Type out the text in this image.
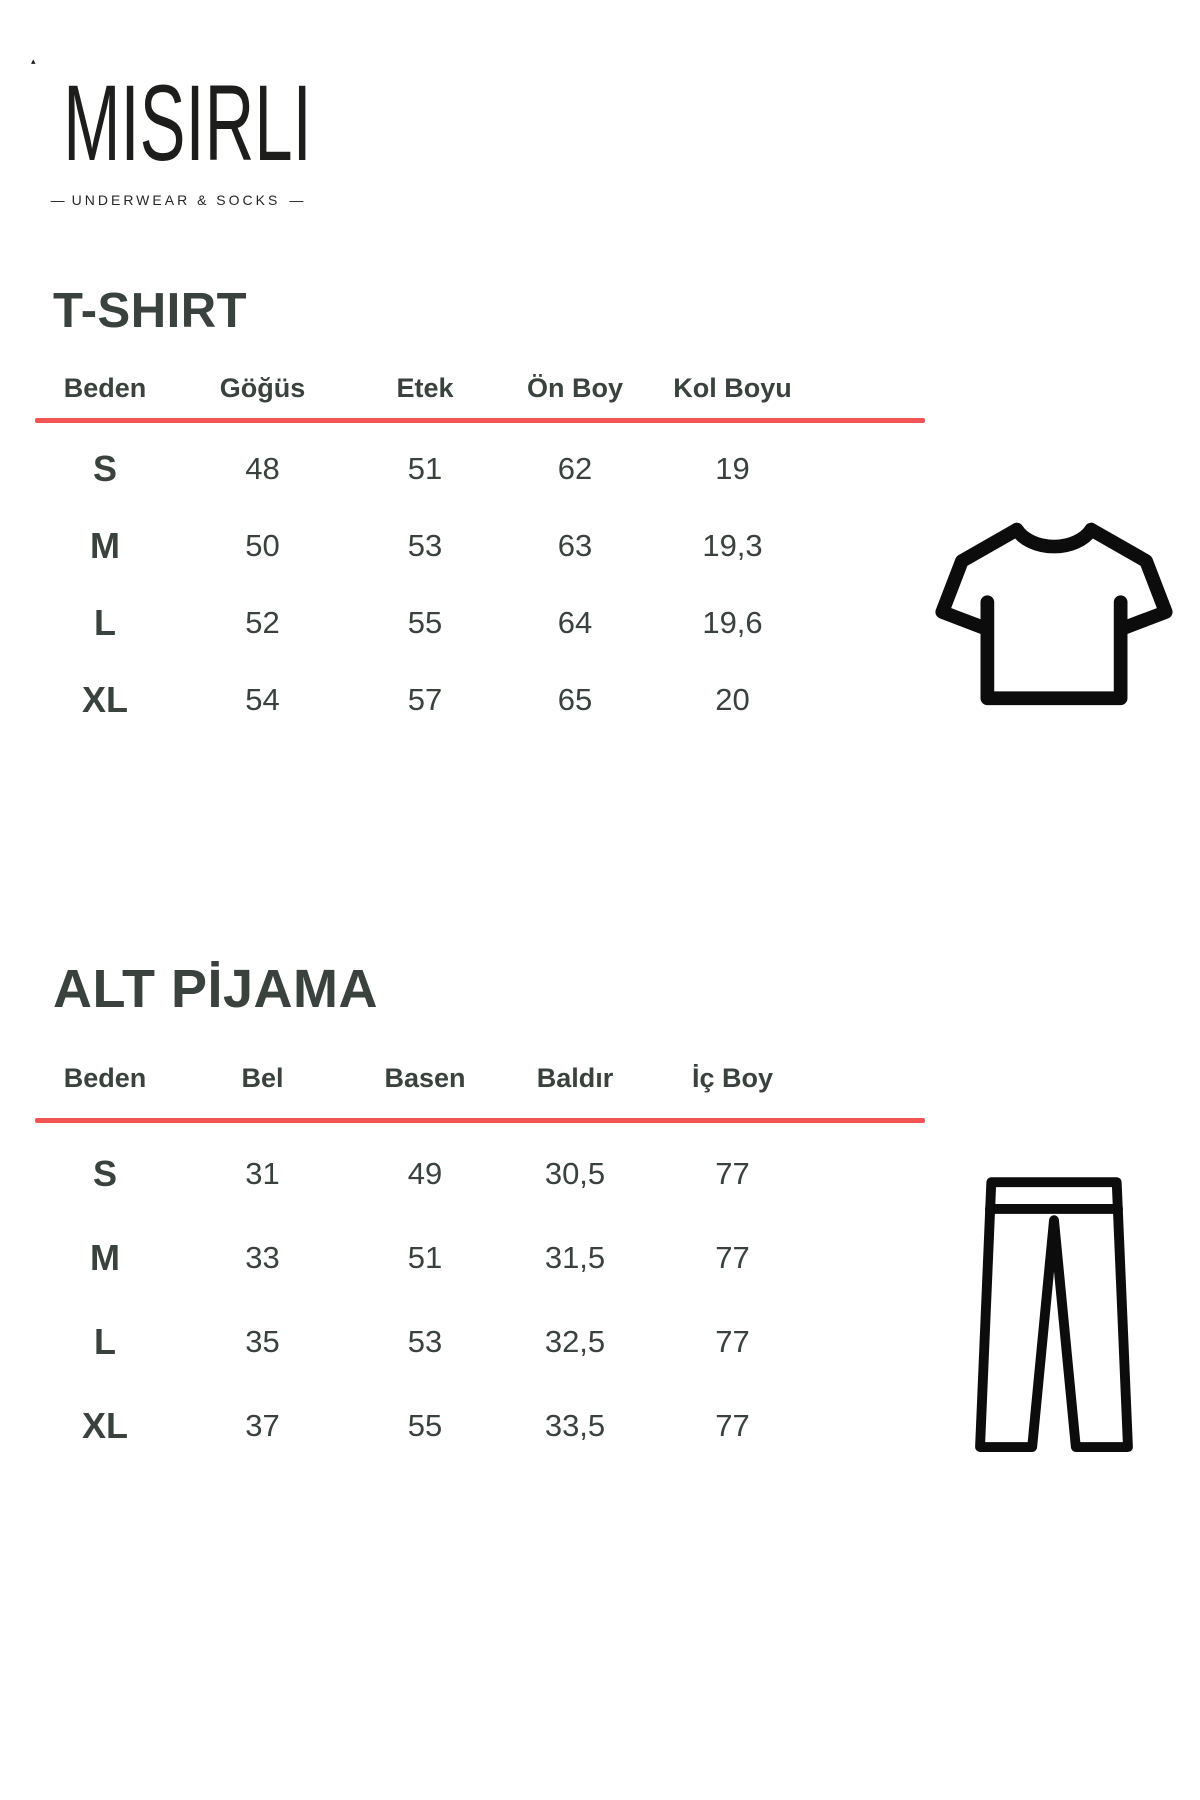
▴
MISIRLI
— UNDERWEAR & SOCKS —
T-SHIRT
Beden	Göğüs	Etek	Ön Boy	Kol Boyu
S	48	51	62	19
M	50	53	63	19,3
L	52	55	64	19,6
XL	54	57	65	20
ALT PİJAMA
Beden	Bel	Basen	Baldır	İç Boy
S	31	49	30,5	77
M	33	51	31,5	77
L	35	53	32,5	77
XL	37	55	33,5	77
